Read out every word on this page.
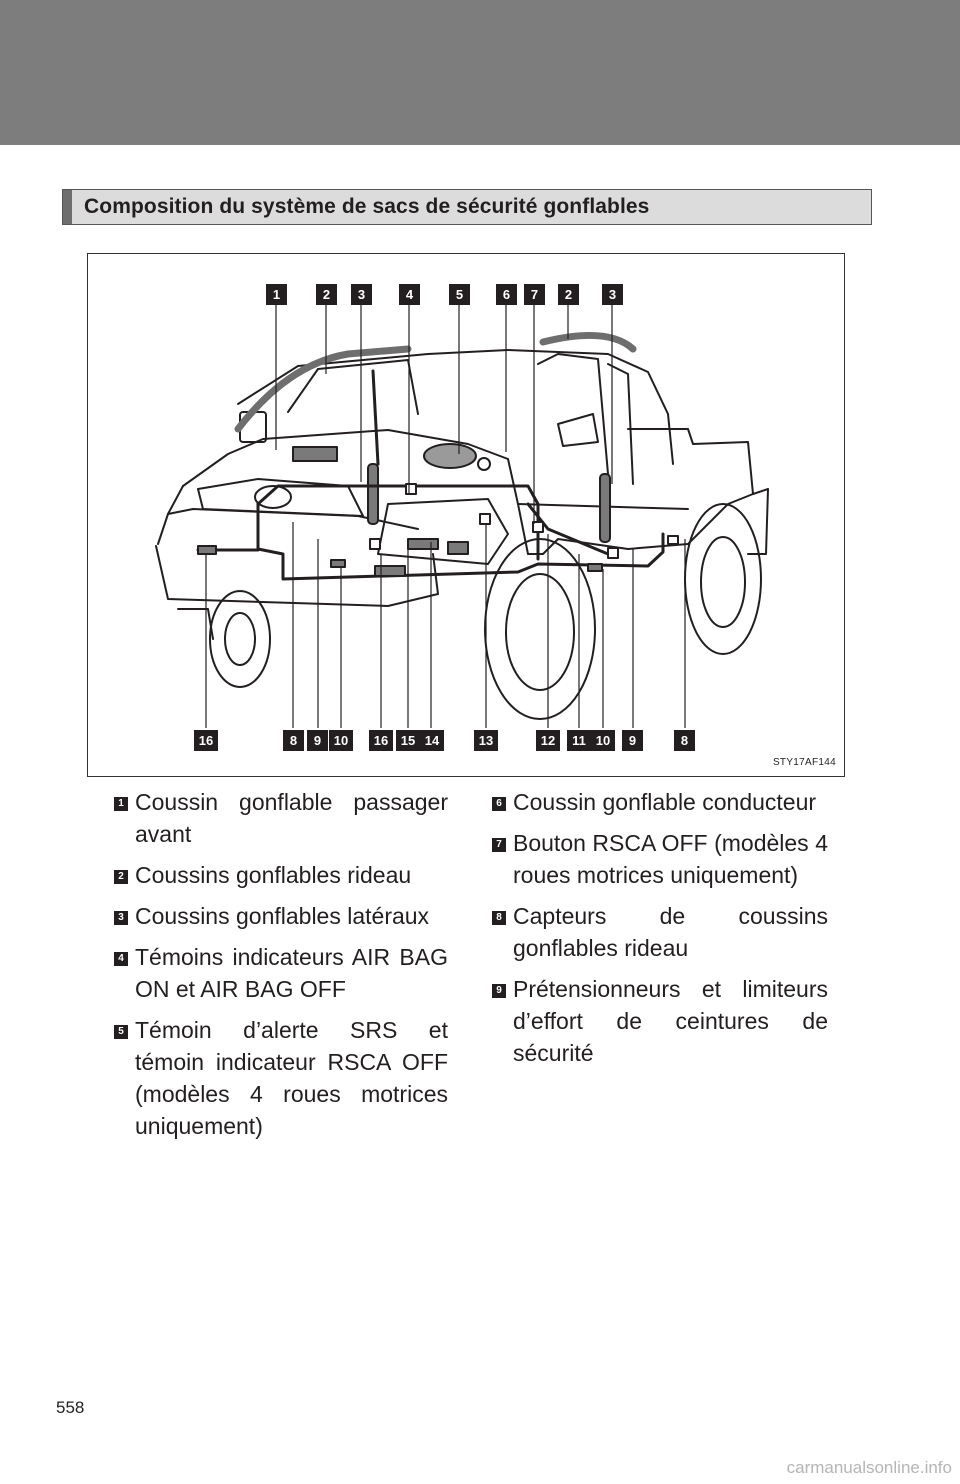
Composition du système de sacs de sécurité gonflables
1	2	3	4	5	6	7	2	3
16	8	9 10	16 15 14	13	12	11 10	9	8
STY17AF144
1 Coussin gonflable passager avant
2 Coussins gonflables rideau
3 Coussins gonflables latéraux
4 Témoins indicateurs AIR BAG ON et AIR BAG OFF
5 Témoin d’alerte SRS et témoin indicateur RSCA OFF (modèles 4 roues motrices uniquement)
6 Coussin gonflable conducteur
7 Bouton RSCA OFF (modèles 4 roues motrices uniquement)
8 Capteurs de coussins gonflables rideau
9 Prétensionneurs et limiteurs d’effort de ceintures de sécurité
558
carmanualsonline.info
